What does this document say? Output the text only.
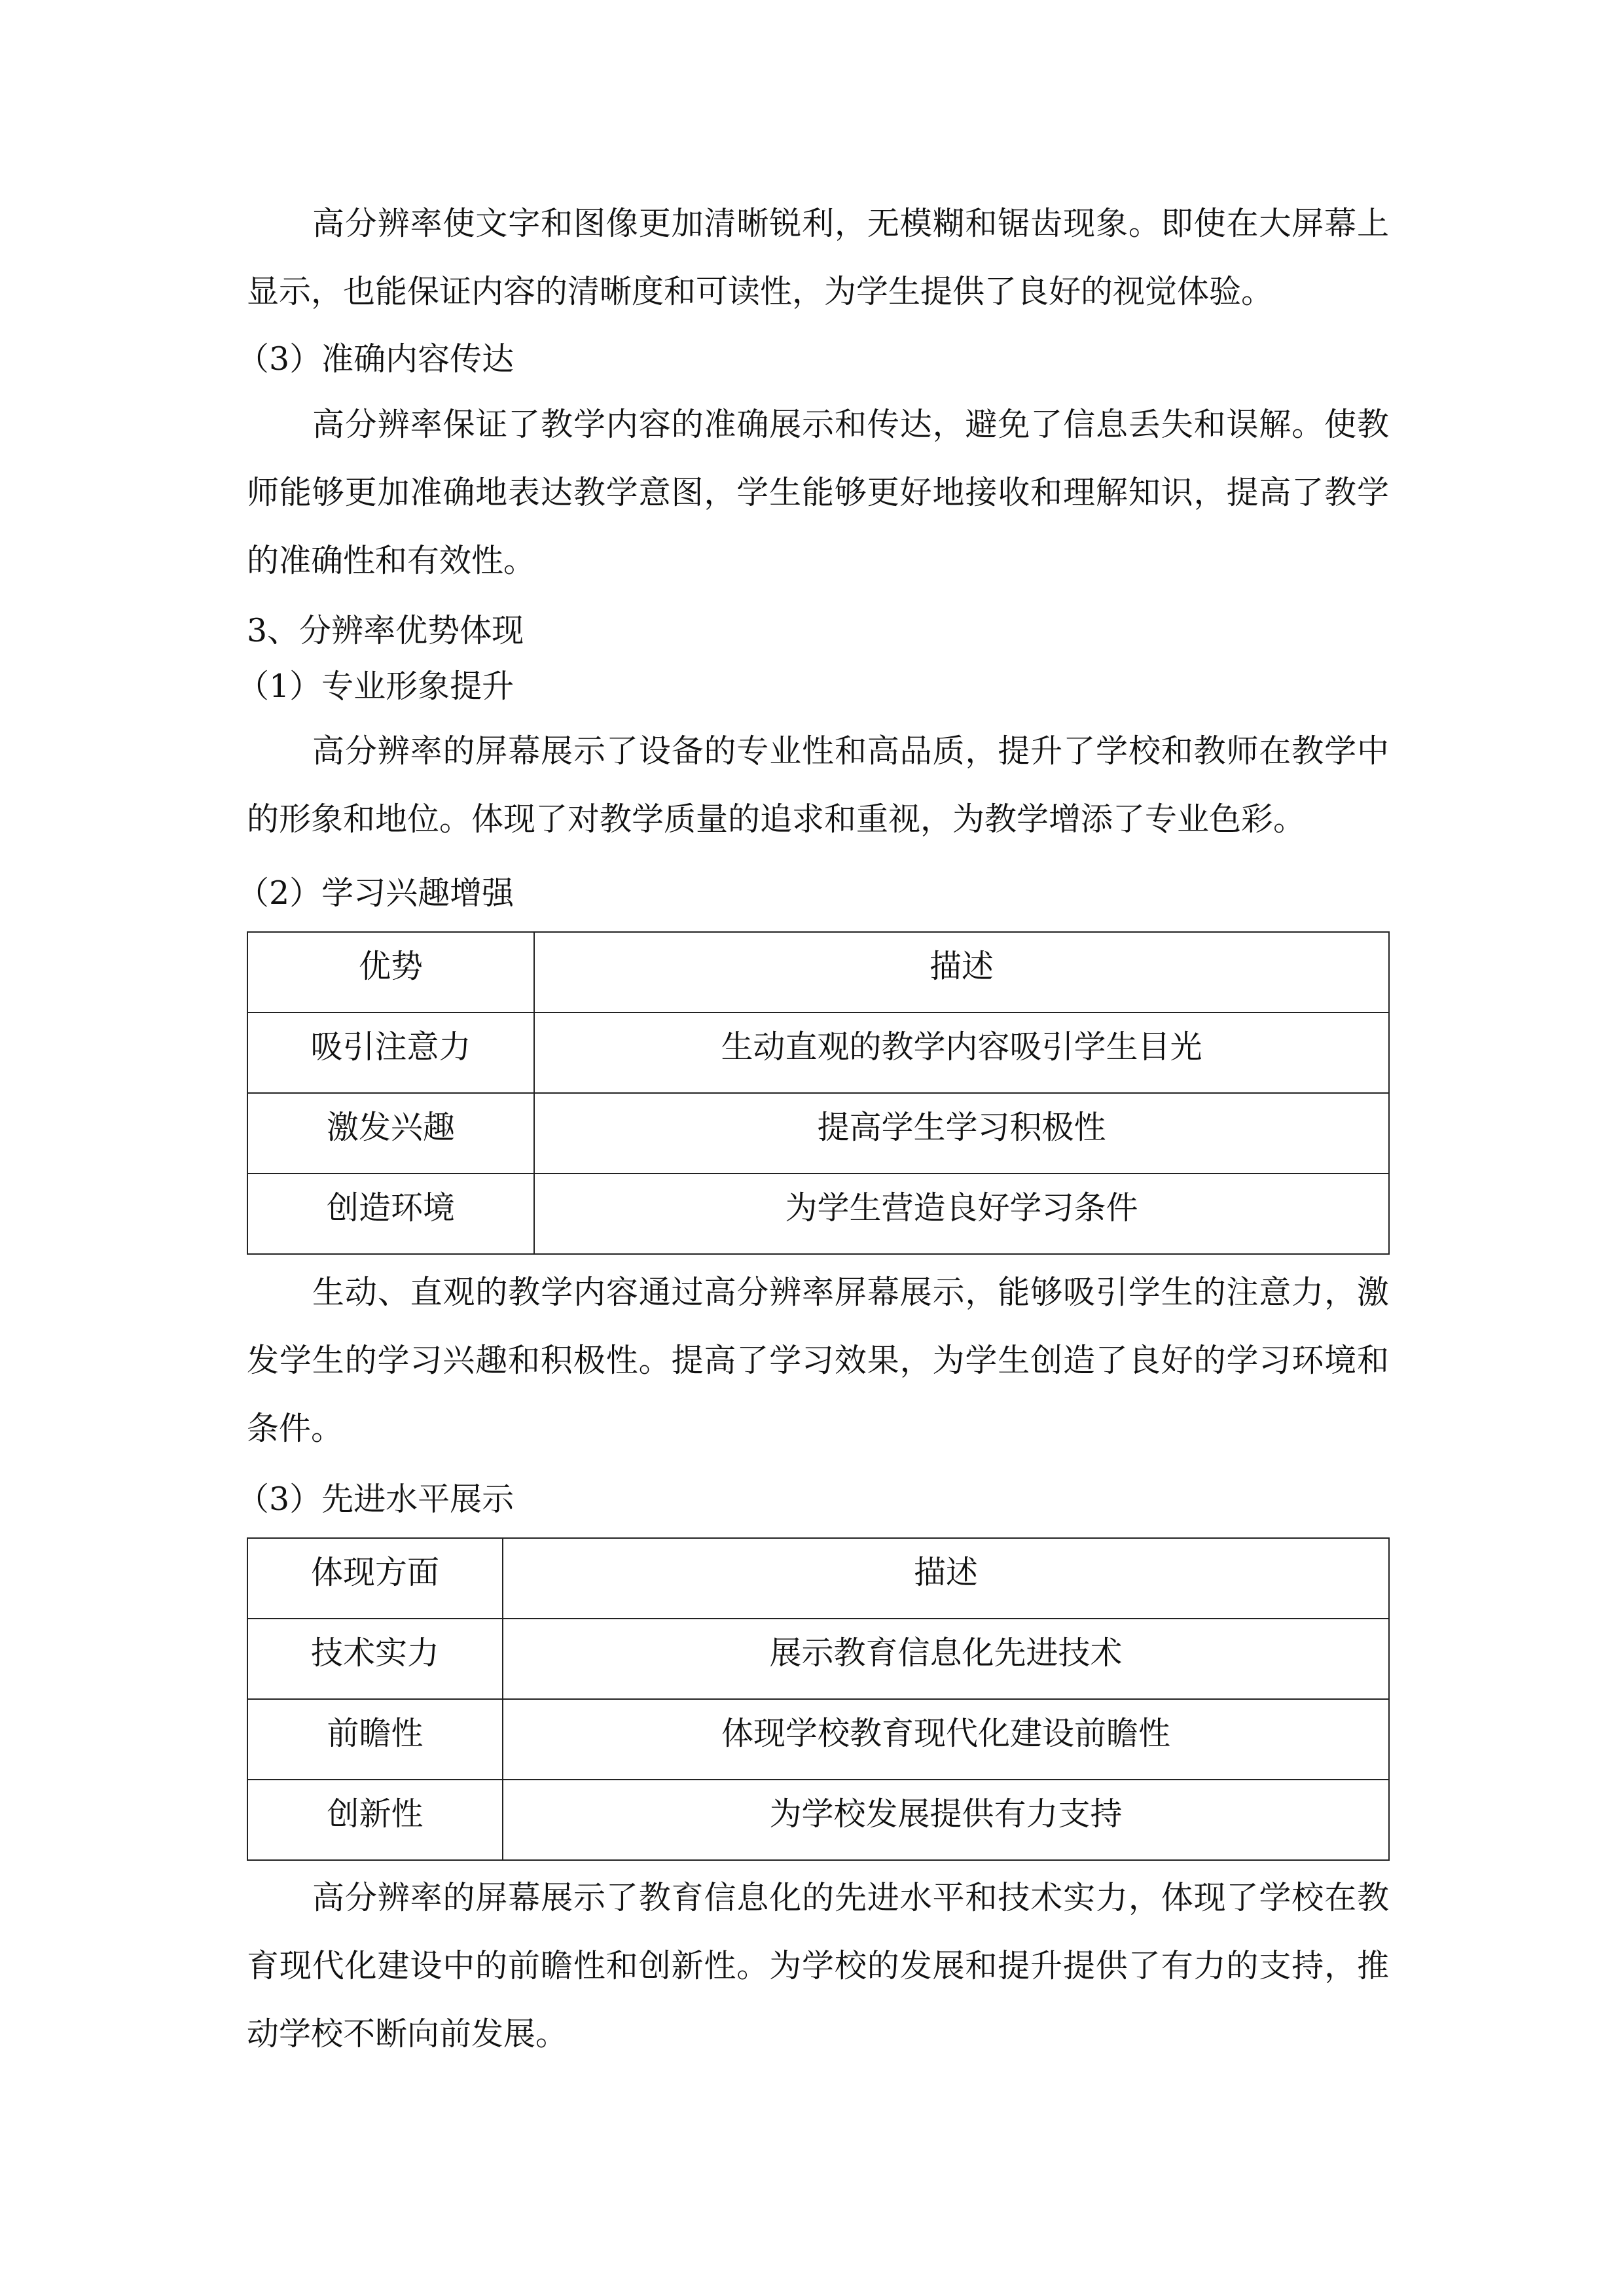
高分辨率使文字和图像更加清晰锐利，无模糊和锯齿现象。即使在大屏幕上显示，也能保证内容的清晰度和可读性，为学生提供了良好的视觉体验。

（3）准确内容传达

高分辨率保证了教学内容的准确展示和传达，避免了信息丢失和误解。使教师能够更加准确地表达教学意图，学生能够更好地接收和理解知识，提高了教学的准确性和有效性。

3、分辨率优势体现

（1）专业形象提升

高分辨率的屏幕展示了设备的专业性和高品质，提升了学校和教师在教学中的形象和地位。体现了对教学质量的追求和重视，为教学增添了专业色彩。

（2）学习兴趣增强

优势	描述

吸引注意力	生动直观的教学内容吸引学生目光

激发兴趣	提高学生学习积极性

创造环境	为学生营造良好学习条件

生动、直观的教学内容通过高分辨率屏幕展示，能够吸引学生的注意力，激发学生的学习兴趣和积极性。提高了学习效果，为学生创造了良好的学习环境和条件。

（3）先进水平展示

体现方面	描述

技术实力	展示教育信息化先进技术

前瞻性	体现学校教育现代化建设前瞻性

创新性	为学校发展提供有力支持

高分辨率的屏幕展示了教育信息化的先进水平和技术实力，体现了学校在教育现代化建设中的前瞻性和创新性。为学校的发展和提升提供了有力的支持，推动学校不断向前发展。
